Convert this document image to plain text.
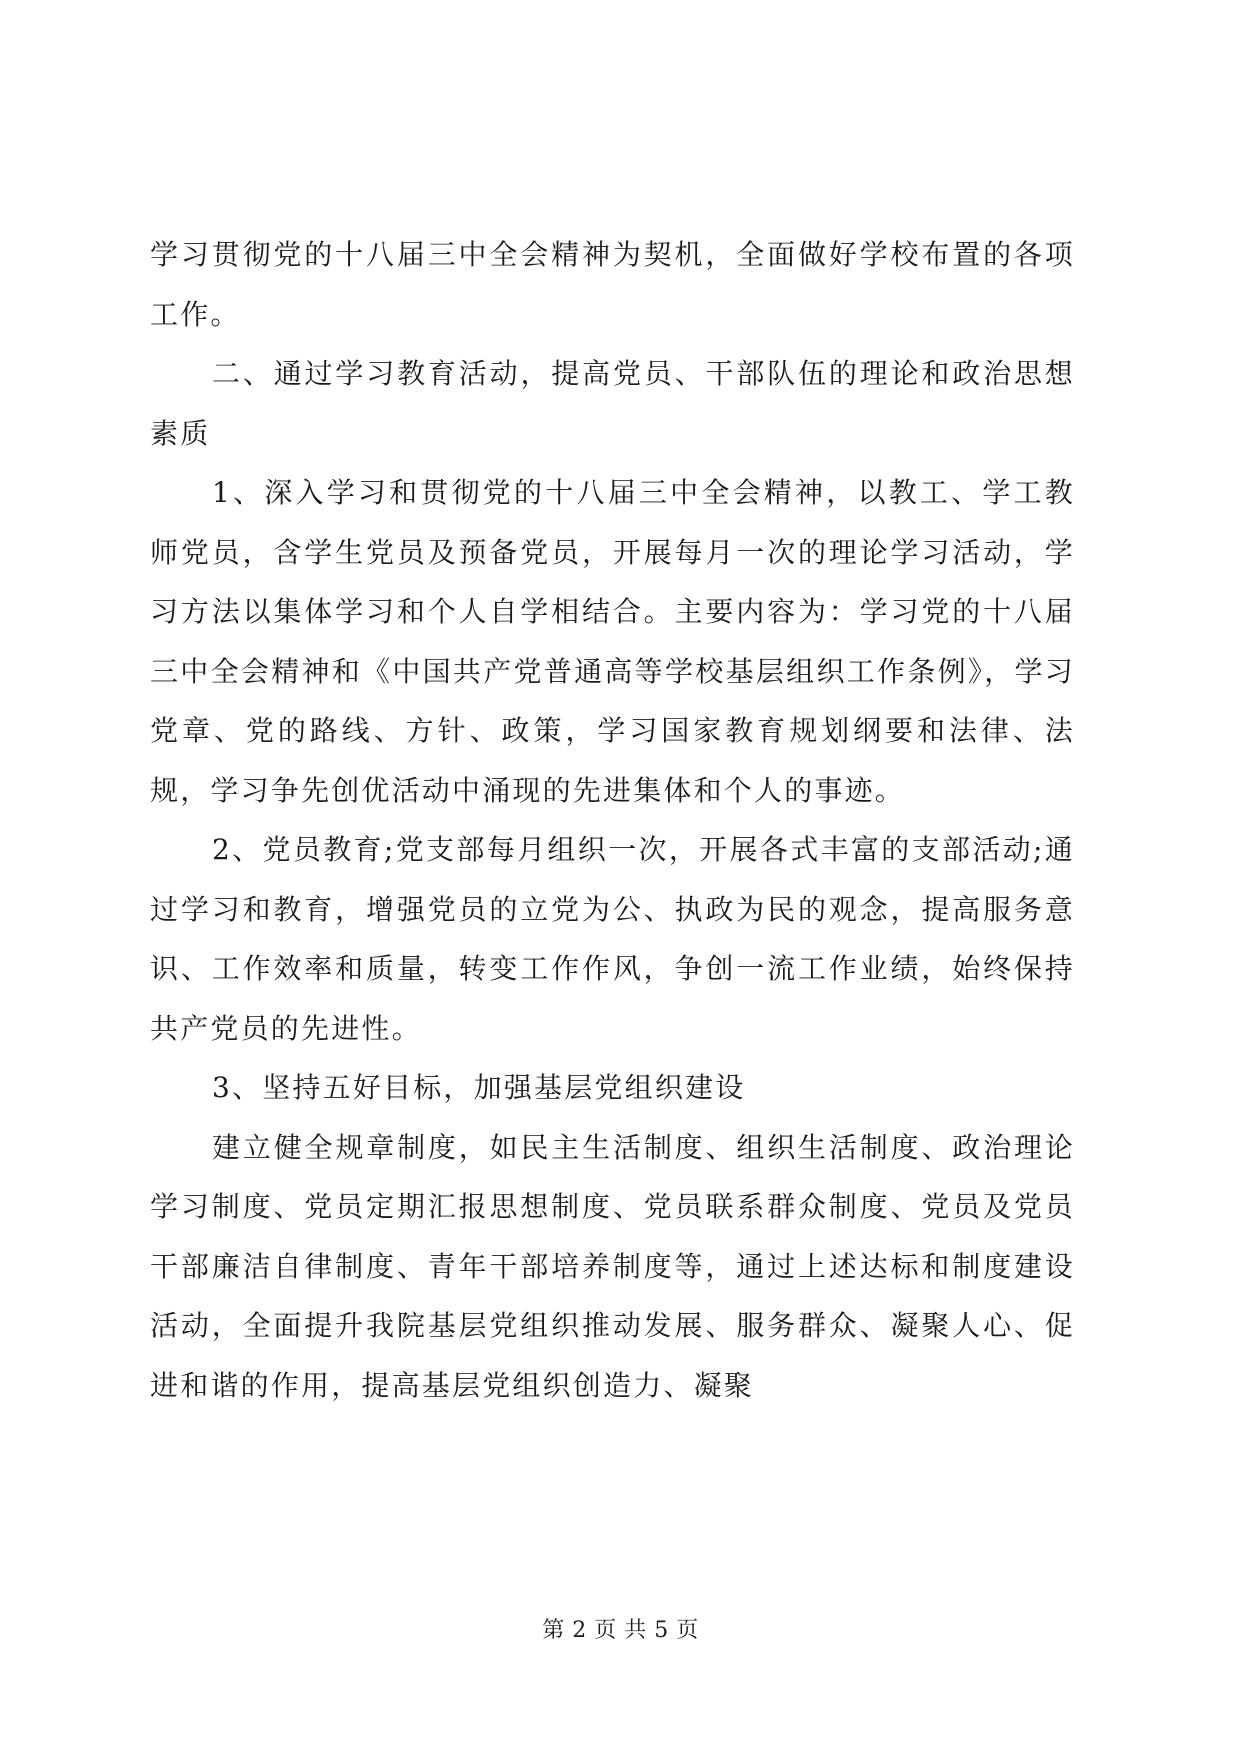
学习贯彻党的十八届三中全会精神为契机，全面做好学校布置的各项工作。

二、通过学习教育活动，提高党员、干部队伍的理论和政治思想素质

1、深入学习和贯彻党的十八届三中全会精神，以教工、学工教师党员，含学生党员及预备党员，开展每月一次的理论学习活动，学习方法以集体学习和个人自学相结合。主要内容为：学习党的十八届三中全会精神和《中国共产党普通高等学校基层组织工作条例》，学习党章、党的路线、方针、政策，学习国家教育规划纲要和法律、法规，学习争先创优活动中涌现的先进集体和个人的事迹。

2、党员教育;党支部每月组织一次，开展各式丰富的支部活动;通过学习和教育，增强党员的立党为公、执政为民的观念，提高服务意识、工作效率和质量，转变工作作风，争创一流工作业绩，始终保持共产党员的先进性。

3、坚持五好目标，加强基层党组织建设

建立健全规章制度，如民主生活制度、组织生活制度、政治理论学习制度、党员定期汇报思想制度、党员联系群众制度、党员及党员干部廉洁自律制度、青年干部培养制度等，通过上述达标和制度建设活动，全面提升我院基层党组织推动发展、服务群众、凝聚人心、促进和谐的作用，提高基层党组织创造力、凝聚

第 2 页 共 5 页
